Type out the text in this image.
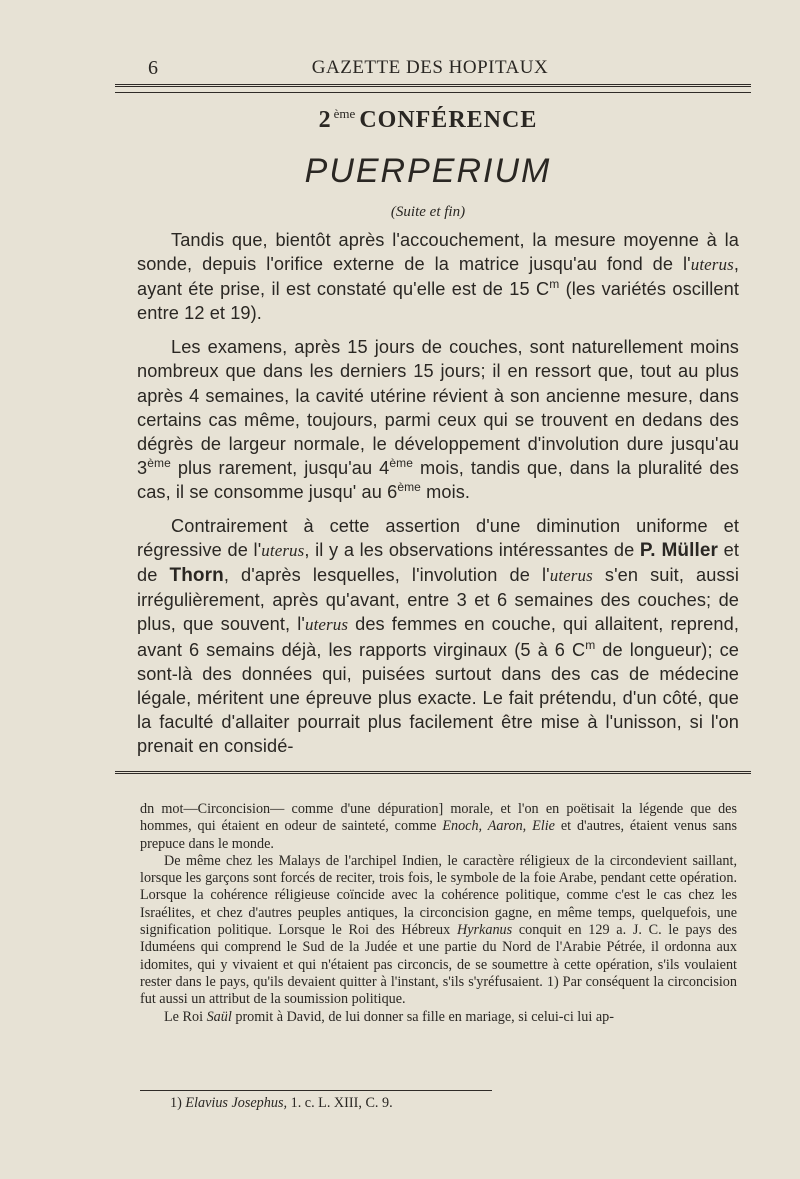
6	GAZETTE DES HOPITAUX
2 $^{ème}$ CONFÉRENCE
PUERPERIUM
(Suite et fin)

Tandis que, bientôt après l'accouchement, la mesure moyenne à la sonde, depuis l'orifice externe de la matrice jusqu'au fond de l'uterus, ayant éte prise, il est constaté qu'elle est de 15 $C^m$ (les variétés oscillent entre 12 et 19).

Les examens, après 15 jours de couches, sont naturellement moins nombreux que dans les derniers 15 jours; il en ressort que, tout au plus après 4 semaines, la cavité utérine révient à son ancienne mesure, dans certains cas même, toujours, parmi ceux qui se trouvent en dedans des dégrès de largeur normale, le développement d'involution dure jusqu'au 3ème plus rarement, jusqu'au 4ème mois, tandis que, dans la pluralité des cas, il se consomme jusqu' au 6ème mois.

Contrairement à cette assertion d'une diminution uniforme et régressive de l'uterus, il y a les observations intéressantes de P. Müller et de Thorn, d'après lesquelles, l'involution de l'uterus s'en suit, aussi irrégulièrement, après qu'avant, entre 3 et 6 semaines des couches; de plus, que souvent, l'uterus des femmes en couche, qui allaitent, reprend, avant 6 semains déjà, les rapports virginaux (5 à 6 $C^m$ de longueur); ce sont-là des données qui, puisées surtout dans des cas de médecine légale, méritent une épreuve plus exacte. Le fait prétendu, d'un côté, que la faculté d'allaiter pourrait plus facilement être mise à l'unisson, si l'on prenait en considé-

dn mot—Circoncision— comme d'une dépuration] morale, et l'on en poëtisait la légende que des hommes, qui étaient en odeur de sainteté, comme Enoch, Aaron, Elie et d'autres, étaient venus sans prepuce dans le monde.

De même chez les Malays de l'archipel Indien, le caractère réligieux de la circondevient saillant, lorsque les garçons sont forcés de reciter, trois fois, le symbole de la foie Arabe, pendant cette opération. Lorsque la cohérence réligieuse coïncide avec la cohérence politique, comme c'est le cas chez les Israélites, et chez d'autres peuples antiques, la circoncision gagne, en même temps, quelquefois, une signification politique. Lorsque le Roi des Hébreux Hyrkanus conquit en 129 a. J. C. le pays des Iduméens qui comprend le Sud de la Judée et une partie du Nord de l'Arabie Pétrée, il ordonna aux idomites, qui y vivaient et qui n'étaient pas circoncis, de se soumettre à cette opération, s'ils voulaient rester dans le pays, qu'ils devaient quitter à l'instant, s'ils s'yréfusaient. 1) Par conséquent la circoncision fut aussi un attribut de la soumission politique.

Le Roi Saül promit à David, de lui donner sa fille en mariage, si celui-ci lui ap-

1) Elavius Josephus, 1. c. L. XIII, C. 9.
